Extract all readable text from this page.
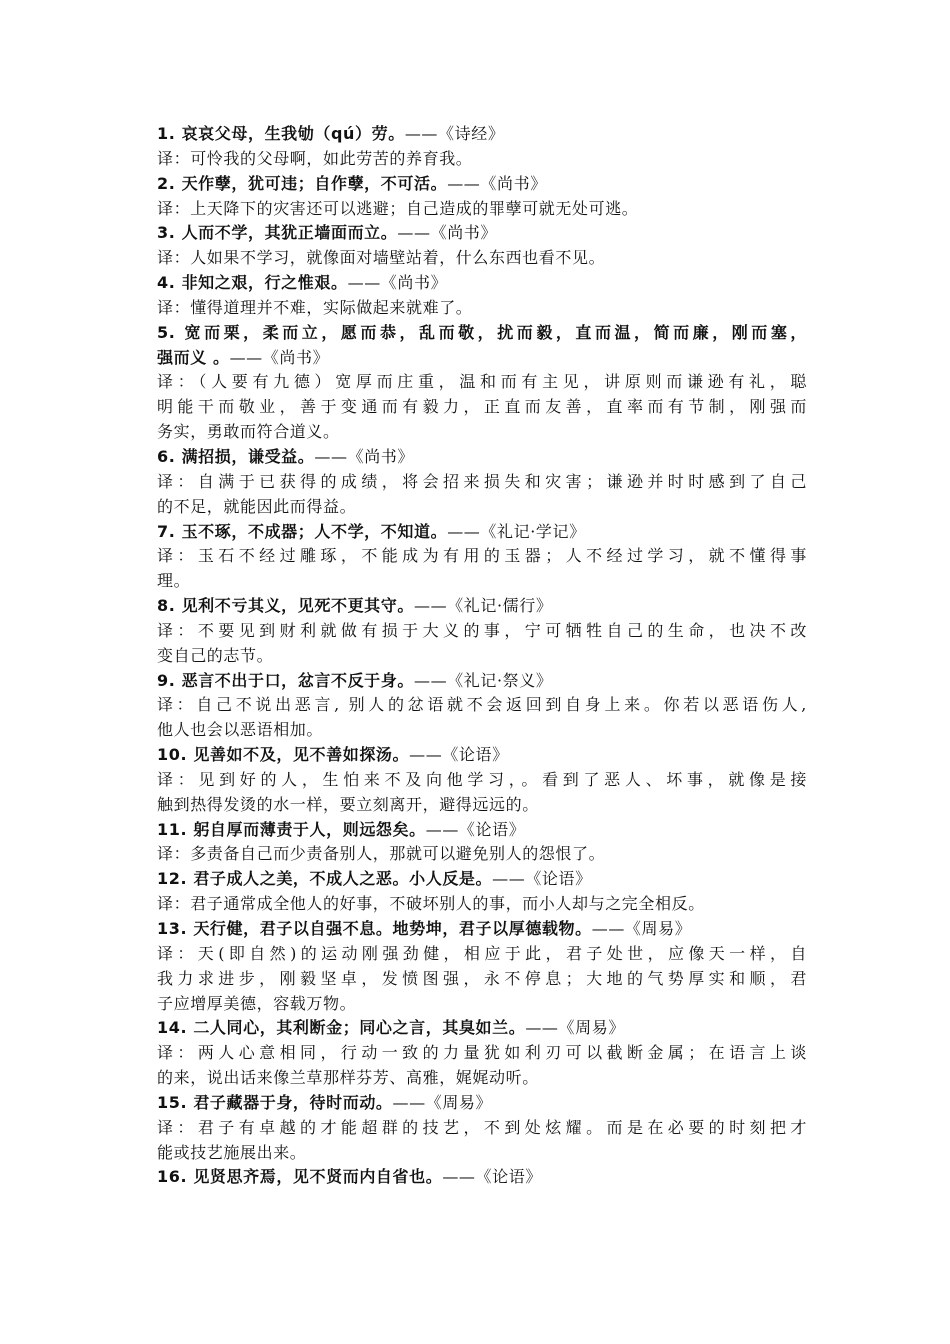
1. 哀哀父母，生我劬（qú）劳。——《诗经》
译：可怜我的父母啊，如此劳苦的养育我。
2. 天作孽，犹可违；自作孽，不可活。——《尚书》
译：上天降下的灾害还可以逃避；自己造成的罪孽可就无处可逃。
3. 人而不学，其犹正墙面而立。——《尚书》
译：人如果不学习，就像面对墙壁站着，什么东西也看不见。
4. 非知之艰，行之惟艰。——《尚书》
译：懂得道理并不难，实际做起来就难了。
5. 宽而栗，柔而立，愿而恭，乱而敬，扰而毅，直而温，简而廉，刚而塞，
强而义 。——《尚书》
译：（人要有九德）宽厚而庄重，温和而有主见，讲原则而谦逊有礼，聪
明能干而敬业，善于变通而有毅力，正直而友善，直率而有节制，刚强而
务实，勇敢而符合道义。
6. 满招损，谦受益。——《尚书》
译：自满于已获得的成绩，将会招来损失和灾害；谦逊并时时感到了自己
的不足，就能因此而得益。
7. 玉不琢，不成器；人不学，不知道。——《礼记·学记》
译：玉石不经过雕琢，不能成为有用的玉器；人不经过学习，就不懂得事
理。
8. 见利不亏其义，见死不更其守。——《礼记·儒行》
译：不要见到财利就做有损于大义的事，宁可牺牲自己的生命，也决不改
变自己的志节。
9. 恶言不出于口，忿言不反于身。——《礼记·祭义》
译：自己不说出恶言, 别人的忿语就不会返回到自身上来。你若以恶语伤人,
他人也会以恶语相加。
10. 见善如不及，见不善如探汤。——《论语》
译：见到好的人，生怕来不及向他学习，。看到了恶人、坏事，就像是接
触到热得发烫的水一样，要立刻离开，避得远远的。
11. 躬自厚而薄责于人，则远怨矣。——《论语》
译：多责备自己而少责备别人，那就可以避免别人的怨恨了。
12. 君子成人之美，不成人之恶。小人反是。——《论语》
译：君子通常成全他人的好事，不破坏别人的事，而小人却与之完全相反。
13. 天行健，君子以自强不息。地势坤，君子以厚德载物。——《周易》
译：天(即自然)的运动刚强劲健，相应于此，君子处世，应像天一样，自
我力求进步，刚毅坚卓，发愤图强，永不停息；大地的气势厚实和顺，君
子应增厚美德，容载万物。
14. 二人同心，其利断金；同心之言，其臭如兰。——《周易》
译：两人心意相同，行动一致的力量犹如利刃可以截断金属；在语言上谈
的来，说出话来像兰草那样芬芳、高雅，娓娓动听。
15. 君子藏器于身，待时而动。——《周易》
译：君子有卓越的才能超群的技艺，不到处炫耀。而是在必要的时刻把才
能或技艺施展出来。
16. 见贤思齐焉，见不贤而内自省也。——《论语》
